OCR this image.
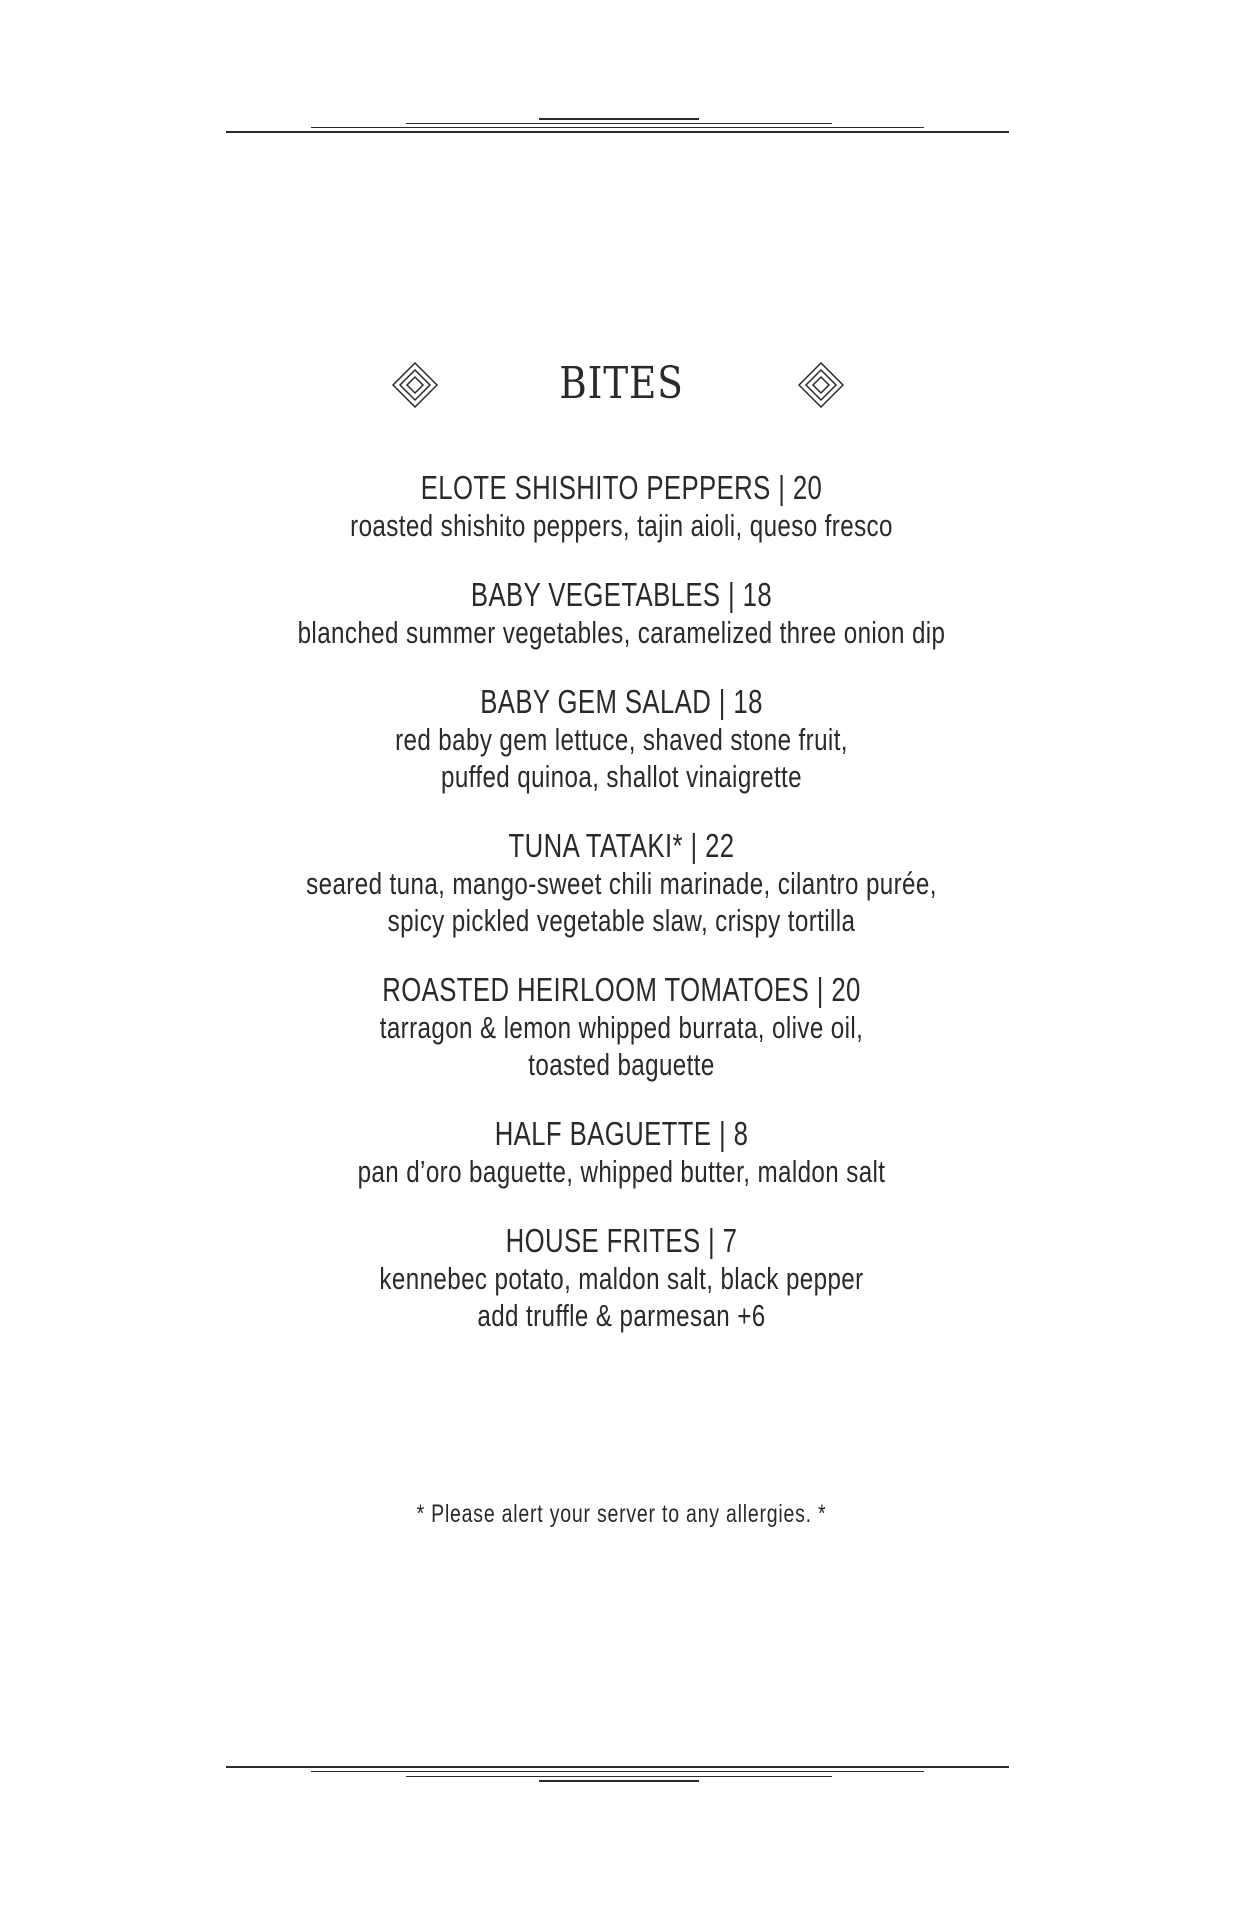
BITES
ELOTE SHISHITO PEPPERS | 20
roasted shishito peppers, tajin aioli, queso fresco
BABY VEGETABLES | 18
blanched summer vegetables, caramelized three onion dip
BABY GEM SALAD | 18
red baby gem lettuce, shaved stone fruit,
puffed quinoa, shallot vinaigrette
TUNA TATAKI* | 22
seared tuna, mango-sweet chili marinade, cilantro purée,
spicy pickled vegetable slaw, crispy tortilla
ROASTED HEIRLOOM TOMATOES | 20
tarragon & lemon whipped burrata, olive oil,
toasted baguette
HALF BAGUETTE | 8
pan d’oro baguette, whipped butter, maldon salt
HOUSE FRITES | 7
kennebec potato, maldon salt, black pepper
add truffle & parmesan +6
* Please alert your server to any allergies. *
